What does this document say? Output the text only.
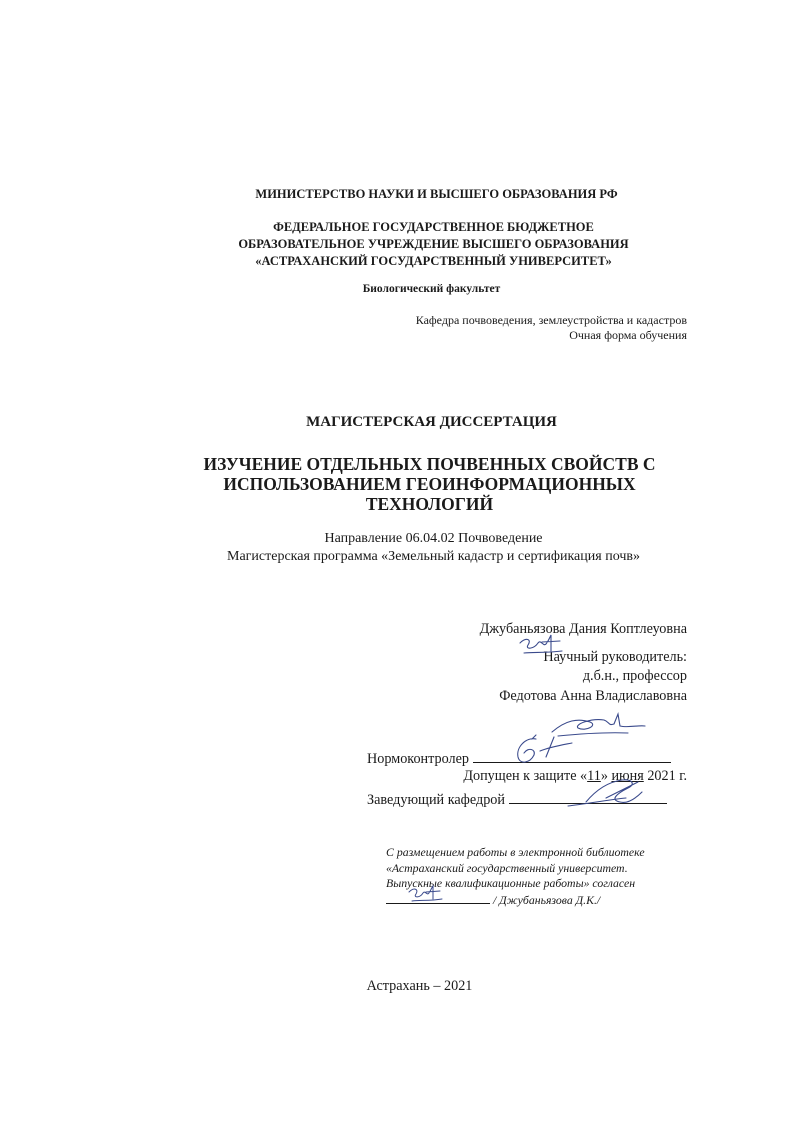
МИНИСТЕРСТВО НАУКИ И ВЫСШЕГО ОБРАЗОВАНИЯ РФ
ФЕДЕРАЛЬНОЕ ГОСУДАРСТВЕННОЕ БЮДЖЕТНОЕ
ОБРАЗОВАТЕЛЬНОЕ УЧРЕЖДЕНИЕ ВЫСШЕГО ОБРАЗОВАНИЯ
«АСТРАХАНСКИЙ ГОСУДАРСТВЕННЫЙ УНИВЕРСИТЕТ»
Биологический факультет
Кафедра почвоведения, землеустройства и кадастров
Очная форма обучения
МАГИСТЕРСКАЯ ДИССЕРТАЦИЯ
ИЗУЧЕНИЕ ОТДЕЛЬНЫХ ПОЧВЕННЫХ СВОЙСТВ С
ИСПОЛЬЗОВАНИЕМ ГЕОИНФОРМАЦИОННЫХ
ТЕХНОЛОГИЙ
Направление 06.04.02 Почвоведение
Магистерская программа «Земельный кадастр и сертификация почв»
Джубаньязова Дания Коптлеуовна
Научный руководитель:
д.б.н., профессор
Федотова Анна Владиславовна
Нормоконтролер
Допущен к защите «11» июня 2021 г.
Заведующий кафедрой
С размещением работы в электронной библиотеке
«Астраханский государственный университет.
Выпускные квалификационные работы» согласен
/ Джубаньязова Д.К./
Астрахань – 2021
